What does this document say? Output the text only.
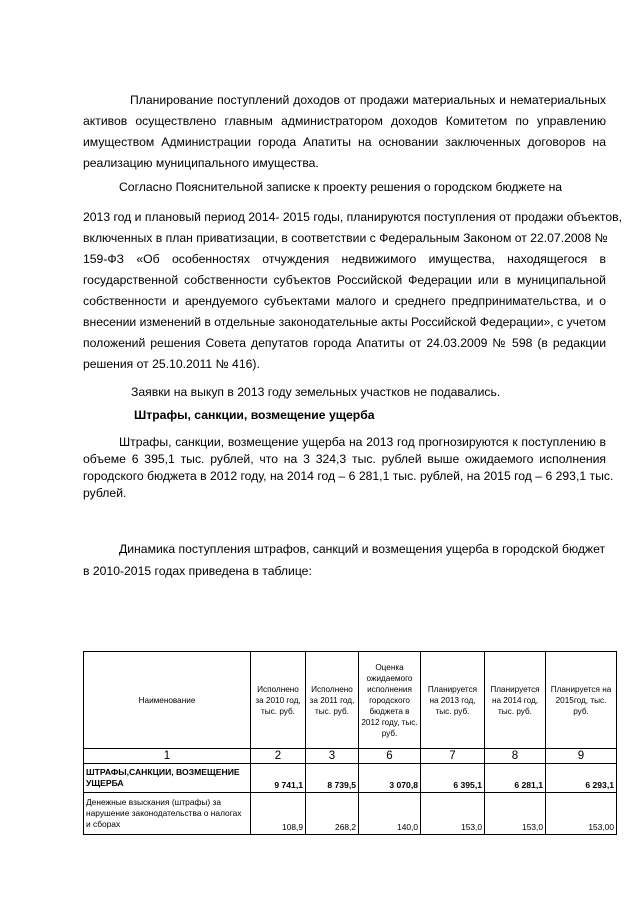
Планирование поступлений доходов от продажи материальных и нематериальных
активов осуществлено главным администратором доходов Комитетом по управлению
имуществом Администрации города Апатиты на основании заключенных договоров на
реализацию муниципального имущества.
Согласно Пояснительной записке к проекту решения о городском бюджете на
2013 год и плановый период 2014- 2015 годы, планируются поступления от продажи объектов,
включенных в план приватизации, в соответствии с Федеральным Законом от 22.07.2008 №
159-ФЗ «Об особенностях отчуждения недвижимого имущества, находящегося в
государственной собственности субъектов Российской Федерации или в муниципальной
собственности и арендуемого субъектами малого и среднего предпринимательства, и о
внесении изменений в отдельные законодательные акты Российской Федерации», с учетом
положений решения Совета депутатов города Апатиты от 24.03.2009 № 598 (в редакции
решения от 25.10.2011 № 416).
Заявки на выкуп в 2013 году земельных участков не подавались.
Штрафы, санкции, возмещение ущерба
Штрафы, санкции, возмещение ущерба на 2013 год прогнозируются к поступлению в
объеме 6 395,1 тыс. рублей, что на 3 324,3 тыс. рублей выше ожидаемого исполнения
городского бюджета в 2012 году, на 2014 год – 6 281,1 тыс. рублей, на 2015 год – 6 293,1 тыс.
рублей.
Динамика поступления штрафов, санкций и возмещения ущерба в городской бюджет
в 2010-2015 годах приведена в таблице:
Наименование	Исполнено за 2010 год, тыс. руб.	Исполнено за 2011 год, тыс. руб.	Оценка ожидаемого исполнения городского бюджета в 2012 году, тыс. руб.	Планируется на 2013 год, тыс. руб.	Планируется на 2014 год, тыс. руб.	Планируется на 2015год, тыс. руб.
1	2	3	6	7	8	9
ШТРАФЫ,САНКЦИИ, ВОЗМЕЩЕНИЕ УЩЕРБА	9 741,1	8 739,5	3 070,8	6 395,1	6 281,1	6 293,1
Денежные взыскания (штрафы) за нарушение законодательства о налогах и сборах	108,9	268,2	140,0	153,0	153,0	153,00
